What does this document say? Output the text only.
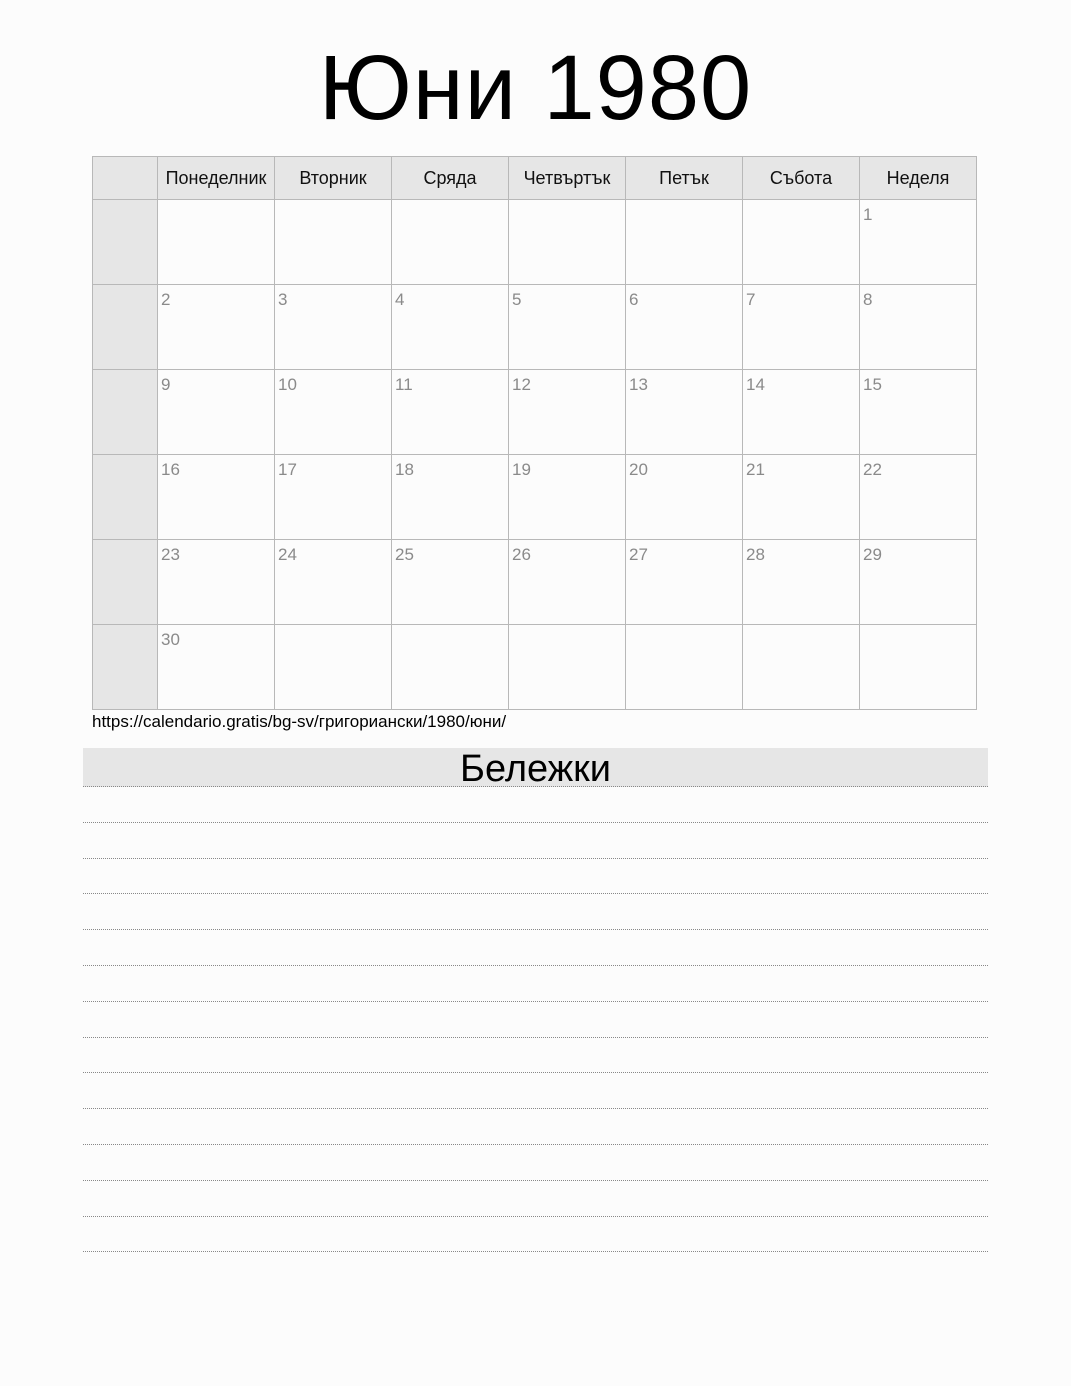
Юни 1980
	Понеделник	Вторник	Сряда	Четвъртък	Петък	Събота	Неделя

							1

	2	3	4	5	6	7	8

	9	10	11	12	13	14	15

	16	17	18	19	20	21	22

	23	24	25	26	27	28	29

	30						

https://calendario.gratis/bg-sv/григориански/1980/юни/
Бележки
